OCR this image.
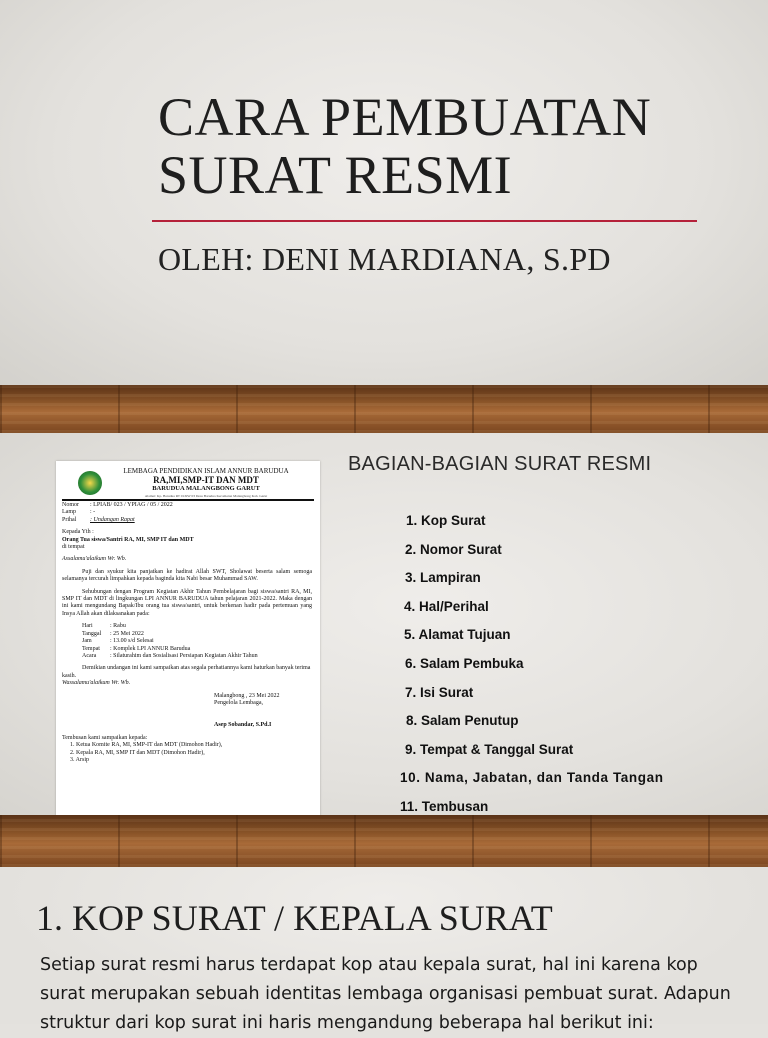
CARA PEMBUATAN SURAT RESMI
OLEH: DENI MARDIANA, S.PD
LEMBAGA PENDIDIKAN ISLAM ANNUR BARUDUA
RA,MI,SMP-IT DAN MDT
BARUDUA MALANGBONG GARUT
Alamat: Kp. Barudua RT 01/RW 03 Desa Barudua Kecamatan Malangbong Kab. Garut
Nomor	: LPIAB/ 023 / YPIAG / 05 / 2022
Lamp	: -
Prihal	: Undangan Rapat
Kepada Yth :
Orang Tua siswa/Santri RA, MI, SMP IT dan MDT
di tempat
Assalamu'alaikum Wr. Wb.
Puji dan syukur kita panjatkan ke hadirat Allah SWT, Sholawat beserta salam semoga selamanya tercurah limpahkan kepada baginda kita Nabi besar Muhammad SAW.
Sehubungan dengan Program Kegiatan Akhir Tahun Pembelajaran bagi siswa/santri RA, MI, SMP IT dan MDT di lingkungan LPI ANNUR BARUDUA tahun pelajaran 2021-2022. Maka dengan ini kami mengundang Bapak/Ibu orang tua siswa/santri, untuk berkenan hadir pada pertemuan yang Insya Allah akan dilaksanakan pada:
Hari	: Rabu
Tanggal	: 25 Mei 2022
Jam	: 13.00 s/d Selesai
Tempat	: Komplek LPI ANNUR Barudua
Acara	: Silaturahim dan Sosialisasi Persiapan Kegiatan Akhir Tahun
Demikian undangan ini kami sampaikan atas segala perhatiannya kami haturkan banyak terima kasih.
Wassalamu'alaikum Wr. Wb.
Malangbong , 23 Mei 2022
Pengelola Lembaga,
Asep Sobandar, S.Pd.I
Tembusan kami sampaikan kepada:
1. Ketua Komite RA, MI, SMP-IT dan MDT (Dimohon Hadir),
2. Kepala RA, MI, SMP IT dan MDT (Dimohon Hadir),
3. Arsip
BAGIAN-BAGIAN SURAT RESMI
1. Kop Surat
2. Nomor Surat
3. Lampiran
4. Hal/Perihal
5. Alamat Tujuan
6. Salam Pembuka
7. Isi Surat
8. Salam Penutup
9. Tempat & Tanggal Surat
10. Nama, Jabatan, dan Tanda Tangan
11. Tembusan
1. KOP SURAT / KEPALA SURAT
Setiap surat resmi harus terdapat kop atau kepala surat, hal ini karena kop surat merupakan sebuah identitas lembaga organisasi pembuat surat. Adapun struktur dari kop surat ini haris mengandung beberapa hal berikut ini:
